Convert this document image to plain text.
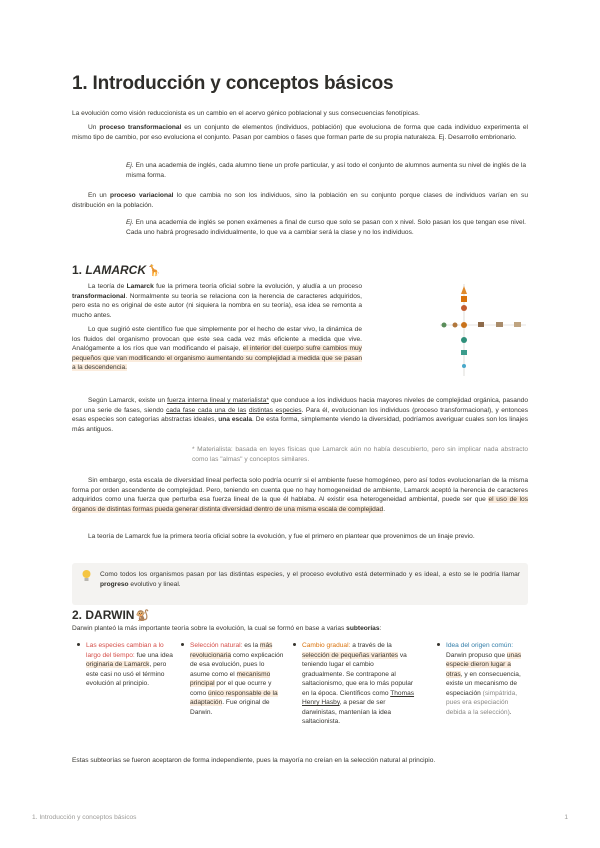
1. Introducción y conceptos básicos

La evolución como visión reduccionista es un cambio en el acervo génico poblacional y sus consecuencias fenotípicas.

Un proceso transformacional es un conjunto de elementos (individuos, población) que evoluciona de forma que cada individuo experimenta el mismo tipo de cambio, por eso evoluciona el conjunto. Pasan por cambios o fases que forman parte de su propia naturaleza. Ej. Desarrollo embrionario.

Ej. En una academia de inglés, cada alumno tiene un profe particular, y así todo el conjunto de alumnos aumenta su nivel de inglés de la misma forma.

En un proceso variacional lo que cambia no son los individuos, sino la población en su conjunto porque clases de individuos varían en su distribución en la población.

Ej. En una academia de inglés se ponen exámenes a final de curso que solo se pasan con x nivel. Solo pasan los que tengan ese nivel. Cada uno habrá progresado individualmente, lo que va a cambiar será la clase y no los individuos.

1. LAMARCK🦒

La teoría de Lamarck fue la primera teoría oficial sobre la evolución, y aludía a un proceso transformacional. Normalmente su teoría se relaciona con la herencia de caracteres adquiridos, pero esta no es original de este autor (ni siquiera la nombra en su teoría), esa idea se remonta a mucho antes.

Lo que sugirió este científico fue que simplemente por el hecho de estar vivo, la dinámica de los fluidos del organismo provocan que este sea cada vez más eficiente a medida que vive. Analógamente a los ríos que van modificando el paisaje, el interior del cuerpo sufre cambios muy pequeños que van modificando el organismo aumentando su complejidad a medida que se pasan a la descendencia.

Según Lamarck, existe un fuerza interna lineal y materialista* que conduce a los individuos hacia mayores niveles de complejidad orgánica, pasando por una serie de fases, siendo cada fase cada una de las distintas especies. Para él, evolucionan los individuos (proceso transformacional), y entonces esas especies son categorías abstractas ideales, una escala. De esta forma, simplemente viendo la diversidad, podríamos averiguar cuales son los linajes más antiguos.

* Materialista: basada en leyes físicas que Lamarck aún no había descubierto, pero sin implicar nada abstracto como las "almas" y conceptos similares.

Sin embargo, esta escala de diversidad lineal perfecta solo podría ocurrir si el ambiente fuese homogéneo, pero así todos evolucionarían de la misma forma por orden ascendente de complejidad. Pero, teniendo en cuenta que no hay homogeneidad de ambiente, Lamarck aceptó la herencia de caracteres adquiridos como una fuerza que perturba esa fuerza lineal de la que él hablaba. Al existir esa heterogeneidad ambiental, puede ser que el uso de los órganos de distintas formas pueda generar distinta diversidad dentro de una misma escala de complejidad.

La teoría de Lamarck fue la primera teoría oficial sobre la evolución, y fue el primero en plantear que provenimos de un linaje previo.

Como todos los organismos pasan por las distintas especies, y el proceso evolutivo está determinado y es ideal, a esto se le podría llamar progreso evolutivo y lineal.

2. DARWIN🐒

Darwin planteó la más importante teoría sobre la evolución, la cual se formó en base a varias subteorías:

Las especies cambian a lo largo del tiempo: fue una idea originaria de Lamarck, pero este casi no usó el término evolución al principio.
Selección natural: es la más revolucionaria como explicación de esa evolución, pues lo asume como el mecanismo principal por el que ocurre y como único responsable de la adaptación. Fue original de Darwin.
Cambio gradual: a través de la selección de pequeñas variantes va teniendo lugar el cambio gradualmente. Se contrapone al saltacionismo, que era lo más popular en la época. Científicos como Thomas Henry Hasby, a pesar de ser darwinistas, mantenían la idea saltacionista.
Idea del origen común: Darwin propuso que unas especie dieron lugar a otras, y en consecuencia, existe un mecanismo de especiación (simpátrida, pues era especiación debida a la selección).

Estas subteorías se fueron aceptaron de forma independiente, pues la mayoría no creían en la selección natural al principio.

1. Introducción y conceptos básicos	1
